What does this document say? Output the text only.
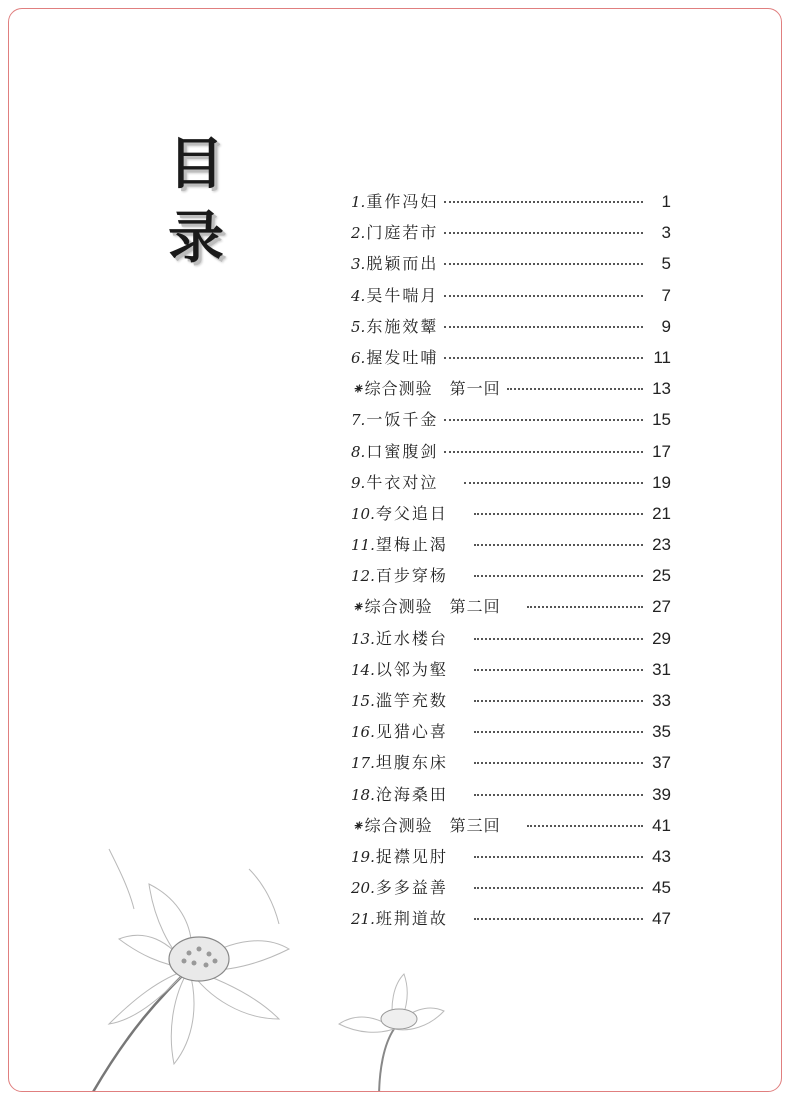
目
录
1. 重作冯妇	1
2. 门庭若市	3
3. 脱颖而出	5
4. 吴牛喘月	7
5. 东施效颦	9
6. 握发吐哺	11
⁕ 综合测验　第一回	13
7. 一饭千金	15
8. 口蜜腹剑	17
9. 牛衣对泣	19
10. 夸父追日	21
11. 望梅止渴	23
12. 百步穿杨	25
⁕ 综合测验　第二回	27
13. 近水楼台	29
14. 以邻为壑	31
15. 滥竽充数	33
16. 见猎心喜	35
17. 坦腹东床	37
18. 沧海桑田	39
⁕ 综合测验　第三回	41
19. 捉襟见肘	43
20. 多多益善	45
21. 班荆道故	47
